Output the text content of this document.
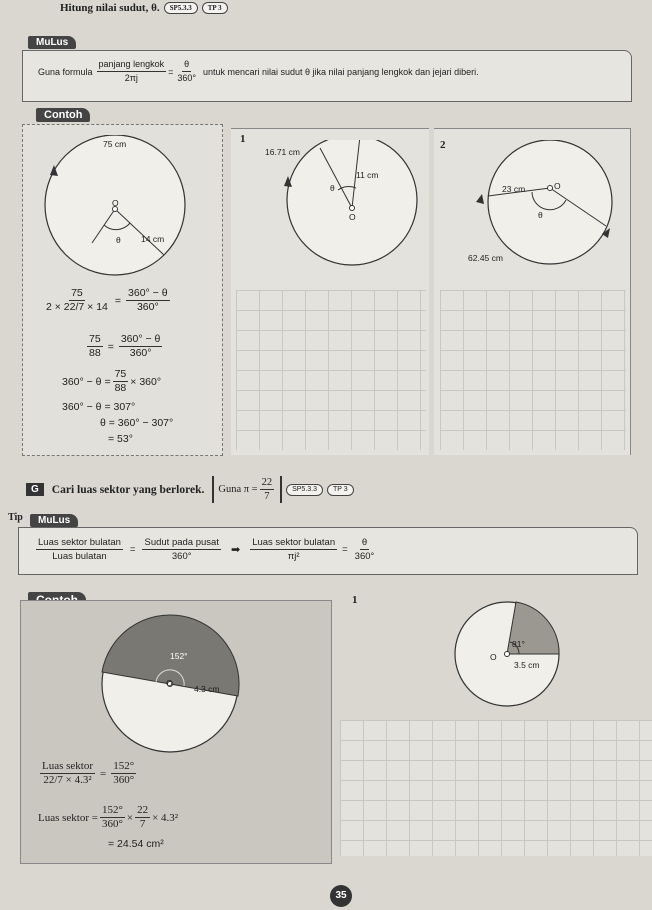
Hitung nilai sudut, θ.	SP5.3.3	TP 3
MuLus
Guna formula $\frac{\text{panjang lengkok}}{2\pi j} = \frac{\theta}{360^\circ}$ untuk mencari nilai sudut θ jika nilai panjang lengkok dan jejari diberi.
Contoh
75 cm
O
θ 14 cm
$\frac{75}{2 \times 22/7 \times 14} = \frac{360^\circ - \theta}{360^\circ}$
$\frac{75}{88} = \frac{360^\circ - \theta}{360^\circ}$
$360^\circ - \theta = \frac{75}{88} \times 360^\circ$
360° − θ = 307°
θ = 360° − 307°
= 53°
1
16.71 cm
11 cm
θ
O
2
23 cm	O
θ
62.45 cm
G	Cari luas sektor yang berlorek. Guna $\pi = \frac{22}{7}$	SP5.3.3	TP 3
Tip	MuLus
$\frac{\text{Luas sektor bulatan}}{\text{Luas bulatan}} = \frac{\text{Sudut pada pusat}}{360^\circ}$ ➡ $\frac{\text{Luas sektor bulatan}}{\text{πj²}} = \frac{\theta}{360^\circ}$
152°
O
4.3 cm
$\frac{\text{Luas sektor}}{\text{22/7 × 4.3²}} = \frac{152^\circ}{360^\circ}$
Luas sektor = $\frac{152^\circ}{360^\circ} \times \frac{22}{7} \times 4.3^2$
= 24.54 cm²
1
81°
O
3.5 cm
35
